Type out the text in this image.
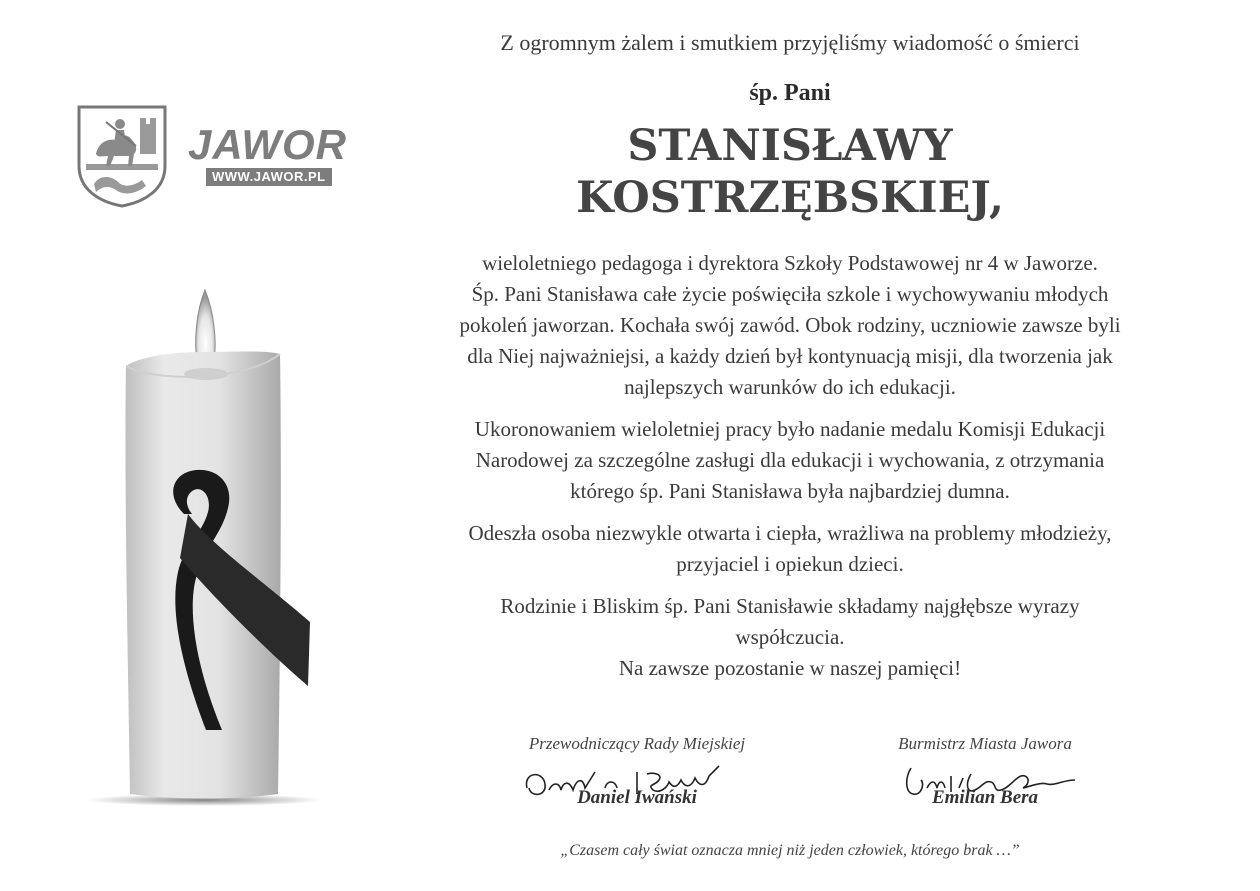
JAWOR
WWW.JAWOR.PL
Z ogromnym żalem i smutkiem przyjęliśmy wiadomość o śmierci
śp. Pani
STANISŁAWY
KOSTRZĘBSKIEJ,

wieloletniego pedagoga i dyrektora Szkoły Podstawowej nr 4 w Jaworze.
Śp. Pani Stanisława całe życie poświęciła szkole i wychowywaniu młodych
pokoleń jaworzan. Kochała swój zawód. Obok rodziny, uczniowie zawsze byli
dla Niej najważniejsi, a każdy dzień był kontynuacją misji, dla tworzenia jak
najlepszych warunków do ich edukacji.

Ukoronowaniem wieloletniej pracy było nadanie medalu Komisji Edukacji
Narodowej za szczególne zasługi dla edukacji i wychowania, z otrzymania
którego śp. Pani Stanisława była najbardziej dumna.

Odeszła osoba niezwykle otwarta i ciepła, wrażliwa na problemy młodzieży,
przyjaciel i opiekun dzieci.

Rodzinie i Bliskim śp. Pani Stanisławie składamy najgłębsze wyrazy
współczucia.
Na zawsze pozostanie w naszej pamięci!

Przewodniczący Rady Miejskiej
Daniel Iwański
Burmistrz Miasta Jawora
Emilian Bera
„Czasem cały świat oznacza mniej niż jeden człowiek, którego brak …”
